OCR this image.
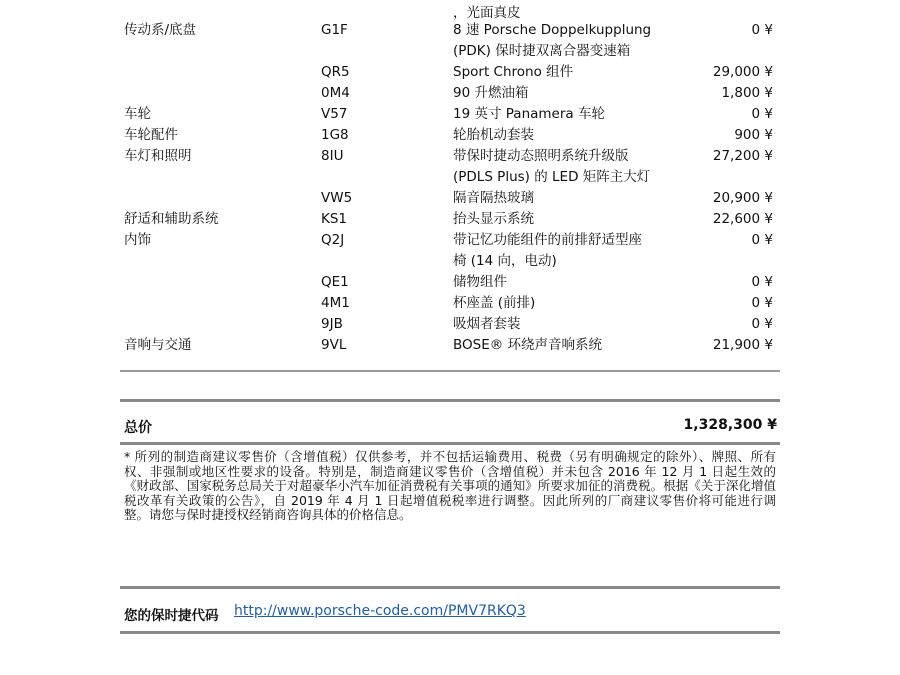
，光面真皮
传动系/底盘	G1F	8 速 Porsche Doppelkupplung
(PDK) 保时捷双离合器变速箱
0 ¥
QR5	Sport Chrono 组件	29,000 ¥
0M4	90 升燃油箱	1,800 ¥
车轮	V57	19 英寸 Panamera 车轮	0 ¥
车轮配件	1G8	轮胎机动套装	900 ¥
车灯和照明	8IU	带保时捷动态照明系统升级版
(PDLS Plus) 的 LED 矩阵主大灯
27,200 ¥
VW5	隔音隔热玻璃	20,900 ¥
舒适和辅助系统	KS1	抬头显示系统	22,600 ¥
内饰	Q2J	带记忆功能组件的前排舒适型座
椅 (14 向，电动)
0 ¥
QE1	储物组件	0 ¥
4M1	杯座盖 (前排)	0 ¥
9JB	吸烟者套装	0 ¥
音响与交通	9VL	BOSE® 环绕声音响系统	21,900 ¥
总价	1,328,300 ¥
* 所列的制造商建议零售价（含增值税）仅供参考，并不包括运输费用、税费（另有明确规定的除外）、牌照、所有权、非强制或地区性要求的设备。特别是，制造商建议零售价（含增值税）并未包含 2016 年 12 月 1 日起生效的《财政部、国家税务总局关于对超豪华小汽车加征消费税有关事项的通知》所要求加征的消费税。根据《关于深化增值税改革有关政策的公告》，自 2019 年 4 月 1 日起增值税税率进行调整。因此所列的厂商建议零售价将可能进行调整。请您与保时捷授权经销商咨询具体的价格信息。
您的保时捷代码 http://www.porsche-code.com/PMV7RKQ3
